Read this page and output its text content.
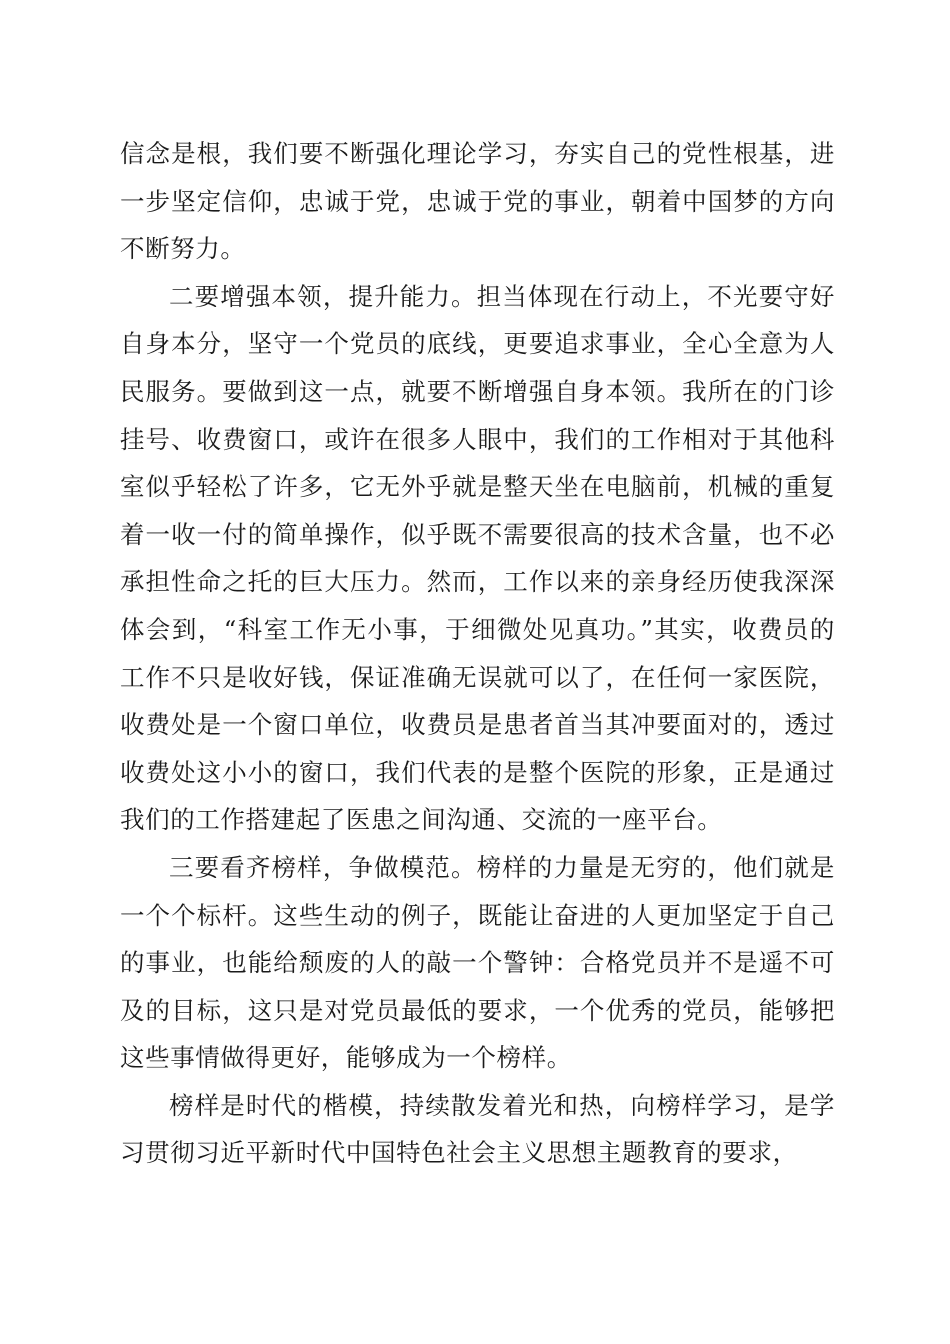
信念是根，我们要不断强化理论学习，夯实自己的党性根基，进一步坚定信仰，忠诚于党，忠诚于党的事业，朝着中国梦的方向不断努力。

二要增强本领，提升能力。担当体现在行动上，不光要守好自身本分，坚守一个党员的底线，更要追求事业，全心全意为人民服务。要做到这一点，就要不断增强自身本领。我所在的门诊挂号、收费窗口，或许在很多人眼中，我们的工作相对于其他科室似乎轻松了许多，它无外乎就是整天坐在电脑前，机械的重复着一收一付的简单操作，似乎既不需要很高的技术含量，也不必承担性命之托的巨大压力。然而，工作以来的亲身经历使我深深体会到，“科室工作无小事，于细微处见真功。”其实，收费员的工作不只是收好钱，保证准确无误就可以了，在任何一家医院，收费处是一个窗口单位，收费员是患者首当其冲要面对的，透过收费处这小小的窗口，我们代表的是整个医院的形象，正是通过我们的工作搭建起了医患之间沟通、交流的一座平台。

三要看齐榜样，争做模范。榜样的力量是无穷的，他们就是一个个标杆。这些生动的例子，既能让奋进的人更加坚定于自己的事业，也能给颓废的人的敲一个警钟：合格党员并不是遥不可及的目标，这只是对党员最低的要求，一个优秀的党员，能够把这些事情做得更好，能够成为一个榜样。

榜样是时代的楷模，持续散发着光和热，向榜样学习，是学习贯彻习近平新时代中国特色社会主义思想主题教育的要求，
